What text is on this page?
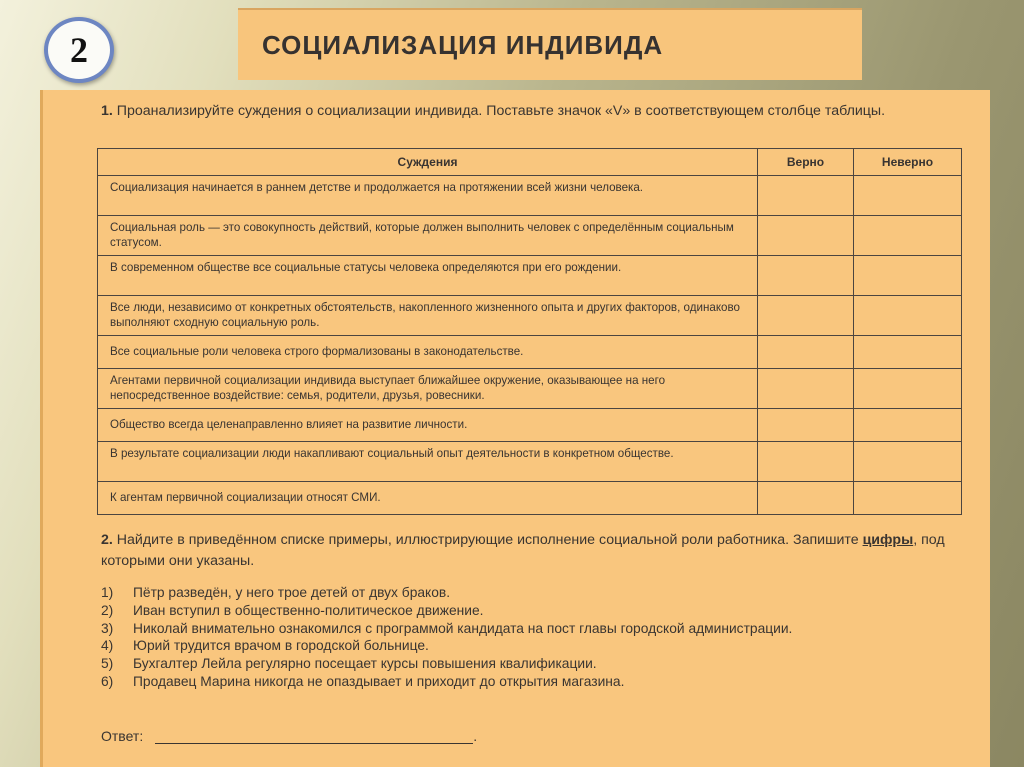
2	СОЦИАЛИЗАЦИЯ ИНДИВИДА

1. Проанализируйте суждения о социализации индивида. Поставьте значок «V» в соответствующем столбце таблицы.

Суждения	Верно	Неверно
Социализация начинается в раннем детстве и продолжается на протяжении всей жизни человека.		
Социальная роль — это совокупность действий, которые должен выполнить человек с определённым социальным статусом.		
В современном обществе все социальные статусы человека определяются при его рождении.		
Все люди, независимо от конкретных обстоятельств, накопленного жизненного опыта и других факторов, одинаково выполняют сходную социальную роль.		
Все социальные роли человека строго формализованы в законодательстве.		
Агентами первичной социализации индивида выступает ближайшее окружение, оказывающее на него непосредственное воздействие: семья, родители, друзья, ровесники.		
Общество всегда целенаправленно влияет на развитие личности.		
В результате социализации люди накапливают социальный опыт деятельности в конкретном обществе.		
К агентам первичной социализации относят СМИ.		

2. Найдите в приведённом списке примеры, иллюстрирующие исполнение социальной роли работника. Запишите цифры, под которыми они указаны.

1)	Пётр разведён, у него трое детей от двух браков.
2)	Иван вступил в общественно-политическое движение.
3)	Николай внимательно ознакомился с программой кандидата на пост главы городской администрации.
4)	Юрий трудится врачом в городской больнице.
5)	Бухгалтер Лейла регулярно посещает курсы повышения квалификации.
6)	Продавец Марина никогда не опаздывает и приходит до открытия магазина.
Ответ:	.
